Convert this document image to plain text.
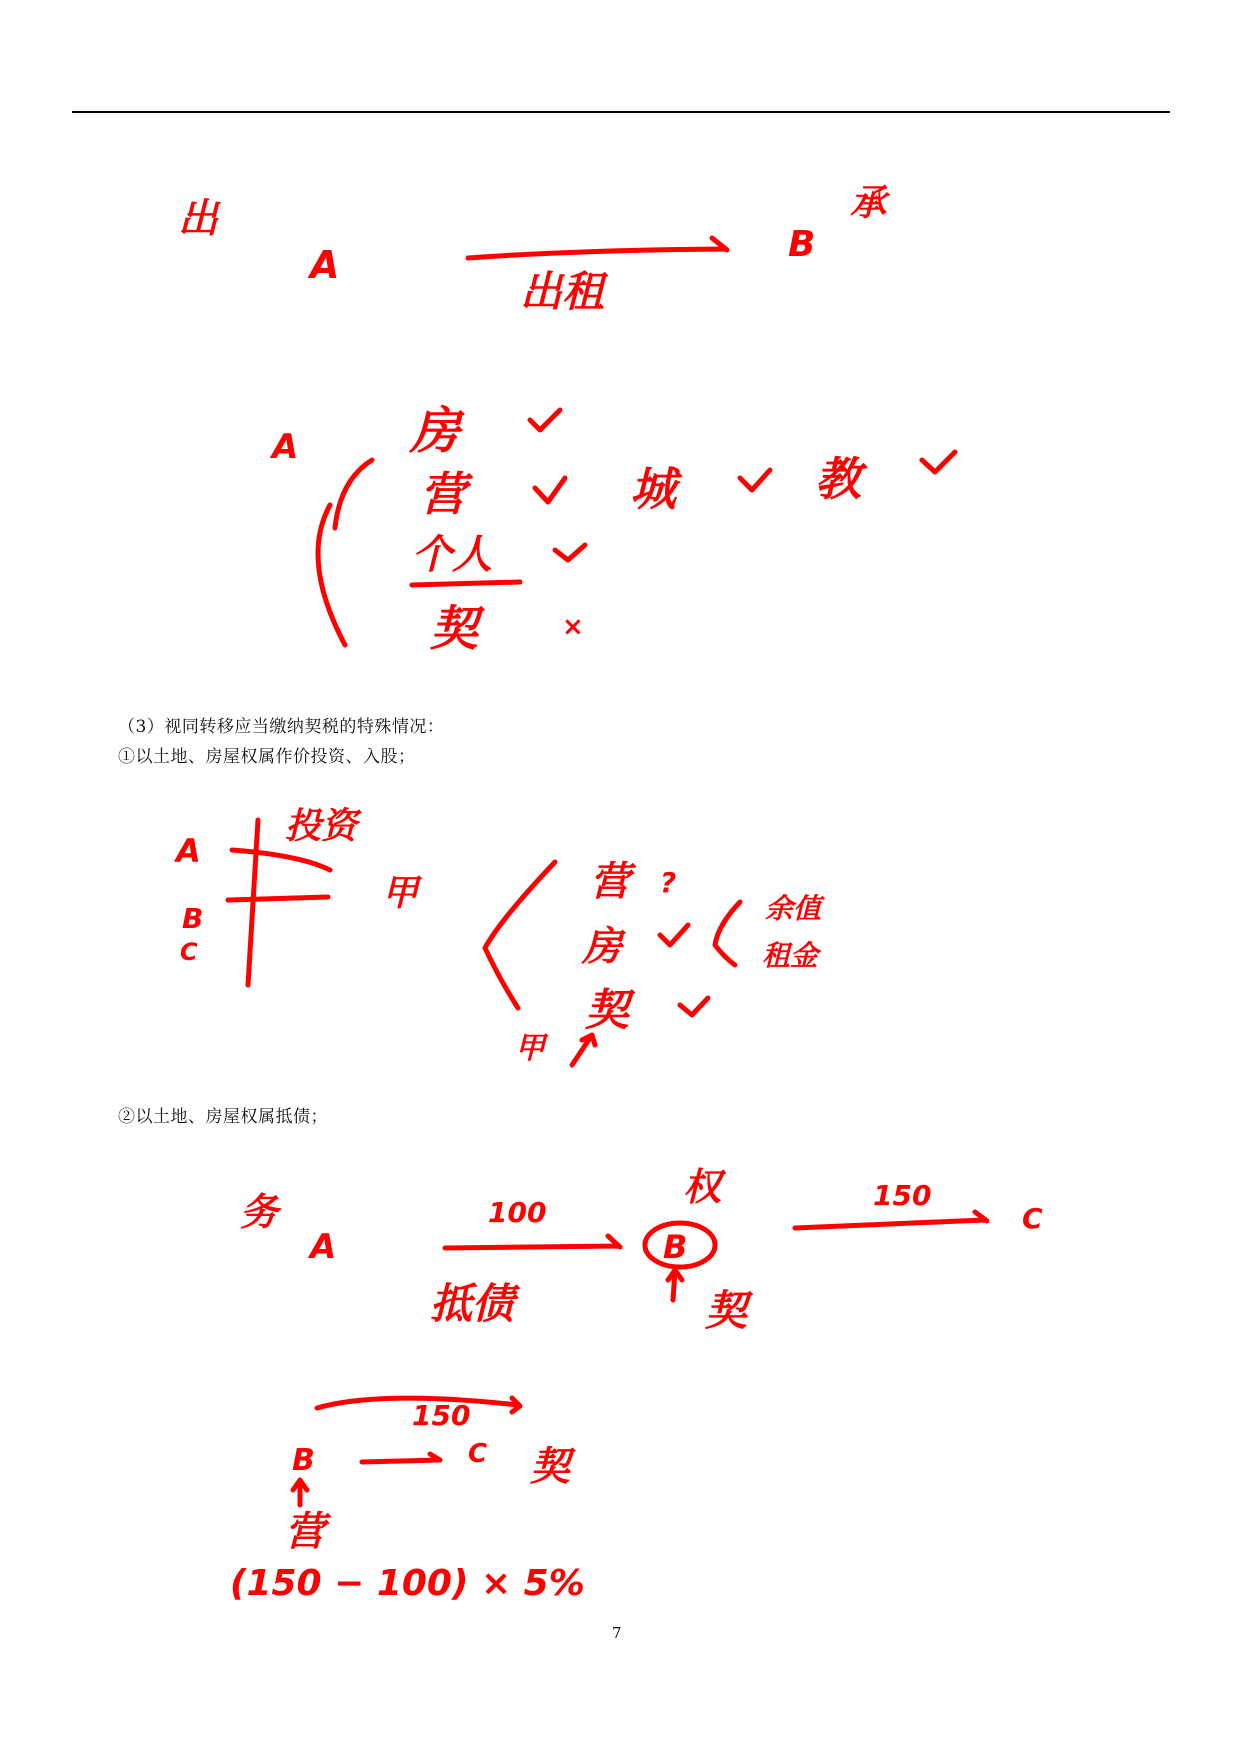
出
A
出租
B
承
A 房
营	城	教
个人
契	×
A
B
C
投资
甲	营 ?
房
余值
租金
契
甲
务
A
100
抵债
B
权
契
150
C
150
B	C 契
营
(150 − 100) × 5%
（3）视同转移应当缴纳契税的特殊情况：
①以土地、房屋权属作价投资、入股；
②以土地、房屋权属抵债；
7
